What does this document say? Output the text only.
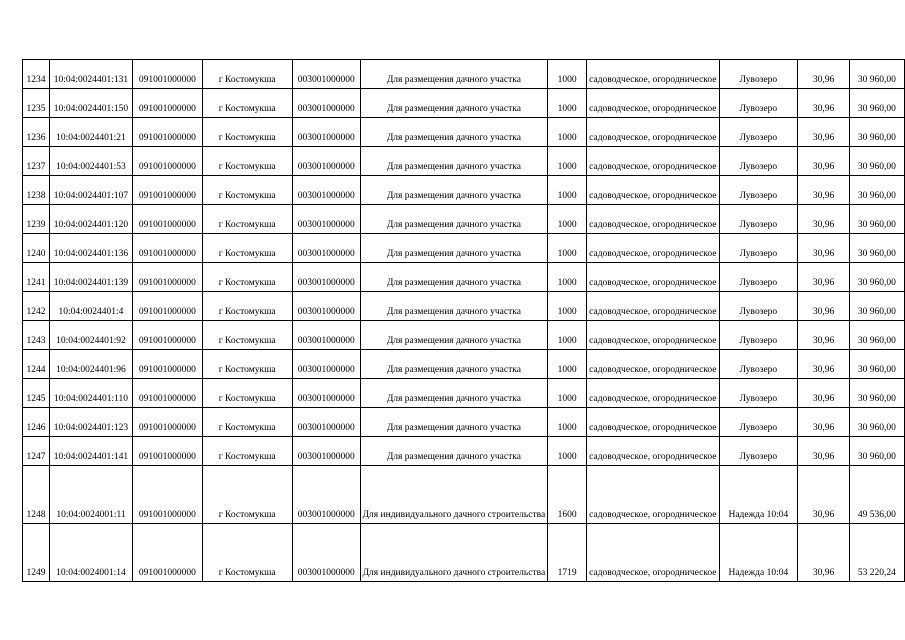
1234	10:04:0024401:131	091001000000	г Костомукша	003001000000	Для размещения дачного участка	1000	садоводческое, огородническое	Лувозеро	30,96	30 960,00
1235	10:04:0024401:150	091001000000	г Костомукша	003001000000	Для размещения дачного участка	1000	садоводческое, огородническое	Лувозеро	30,96	30 960,00
1236	10:04:0024401:21	091001000000	г Костомукша	003001000000	Для размещения дачного участка	1000	садоводческое, огородническое	Лувозеро	30,96	30 960,00
1237	10:04:0024401:53	091001000000	г Костомукша	003001000000	Для размещения дачного участка	1000	садоводческое, огородническое	Лувозеро	30,96	30 960,00
1238	10:04:0024401:107	091001000000	г Костомукша	003001000000	Для размещения дачного участка	1000	садоводческое, огородническое	Лувозеро	30,96	30 960,00
1239	10:04:0024401:120	091001000000	г Костомукша	003001000000	Для размещения дачного участка	1000	садоводческое, огородническое	Лувозеро	30,96	30 960,00
1240	10:04:0024401:136	091001000000	г Костомукша	003001000000	Для размещения дачного участка	1000	садоводческое, огородническое	Лувозеро	30,96	30 960,00
1241	10:04:0024401:139	091001000000	г Костомукша	003001000000	Для размещения дачного участка	1000	садоводческое, огородническое	Лувозеро	30,96	30 960,00
1242	10:04:0024401:4	091001000000	г Костомукша	003001000000	Для размещения дачного участка	1000	садоводческое, огородническое	Лувозеро	30,96	30 960,00
1243	10:04:0024401:92	091001000000	г Костомукша	003001000000	Для размещения дачного участка	1000	садоводческое, огородническое	Лувозеро	30,96	30 960,00
1244	10:04:0024401:96	091001000000	г Костомукша	003001000000	Для размещения дачного участка	1000	садоводческое, огородническое	Лувозеро	30,96	30 960,00
1245	10:04:0024401:110	091001000000	г Костомукша	003001000000	Для размещения дачного участка	1000	садоводческое, огородническое	Лувозеро	30,96	30 960,00
1246	10:04:0024401:123	091001000000	г Костомукша	003001000000	Для размещения дачного участка	1000	садоводческое, огородническое	Лувозеро	30,96	30 960,00
1247	10:04:0024401:141	091001000000	г Костомукша	003001000000	Для размещения дачного участка	1000	садоводческое, огородническое	Лувозеро	30,96	30 960,00
1248	10:04:0024001:11	091001000000	г Костомукша	003001000000	Для индивидуального дачного строительства	1600	садоводческое, огородническое	Надежда 10:04	30,96	49 536,00
1249	10:04:0024001:14	091001000000	г Костомукша	003001000000	Для индивидуального дачного строительства	1719	садоводческое, огородническое	Надежда 10:04	30,96	53 220,24
